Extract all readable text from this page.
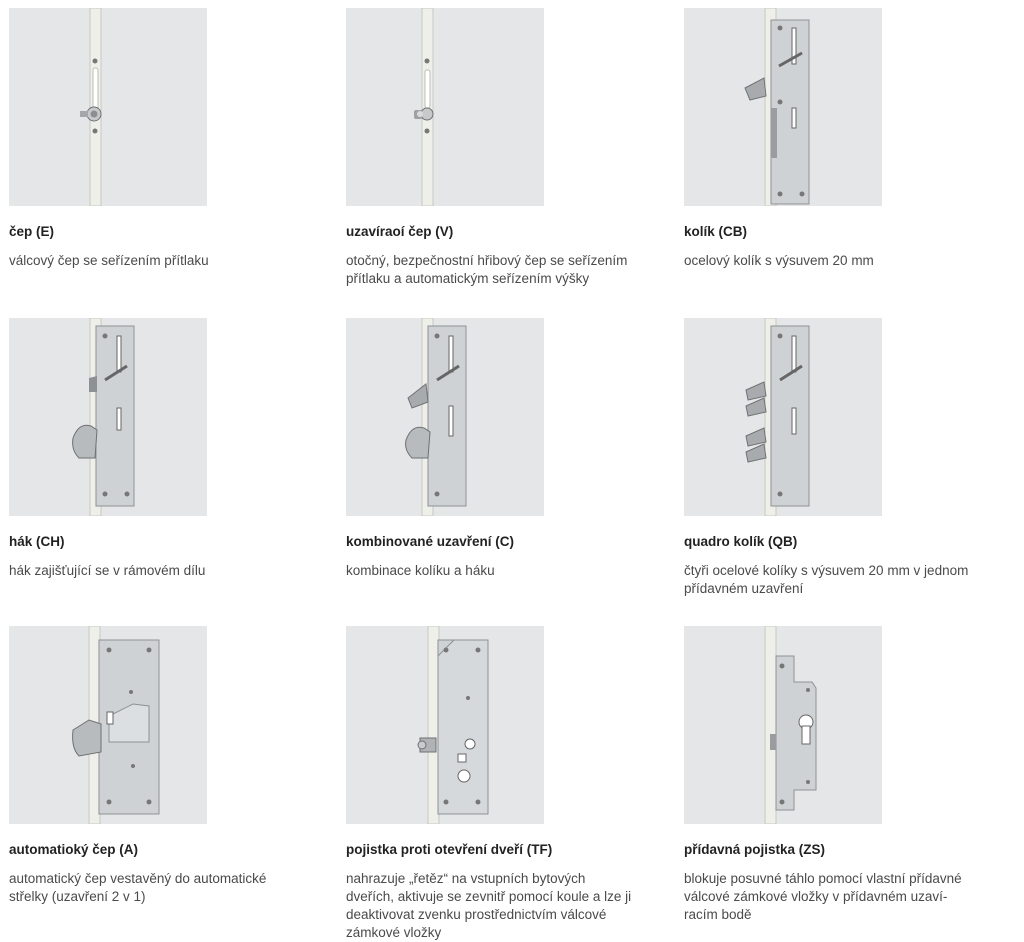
čep (E)
válcový čep se seřízením přítlaku
uzavíraoí čep (V)
otočný, bezpečnostní hřibový čep se seřízením
přítlaku a automatickým seřízením výšky
kolík (CB)
ocelový kolík s výsuvem 20 mm
hák (CH)
hák zajišťující se v rámovém dílu
kombinované uzavření (C)
kombinace kolíku a háku
quadro kolík (QB)
čtyři ocelové kolíky s výsuvem 20 mm v jednom
přídavném uzavření
automatioký čep (A)
automatický čep vestavěný do automatické
střelky (uzavření 2 v 1)
pojistka proti otevření dveří (TF)
nahrazuje „řetěz“ na vstupních bytových
dveřích, aktivuje se zevnitř pomocí koule a lze ji
deaktivovat zvenku prostřednictvím válcové
zámkové vložky
přídavná pojistka (ZS)
blokuje posuvné táhlo pomocí vlastní přídavné
válcové zámkové vložky v přídavném uzaví-
racím bodě
